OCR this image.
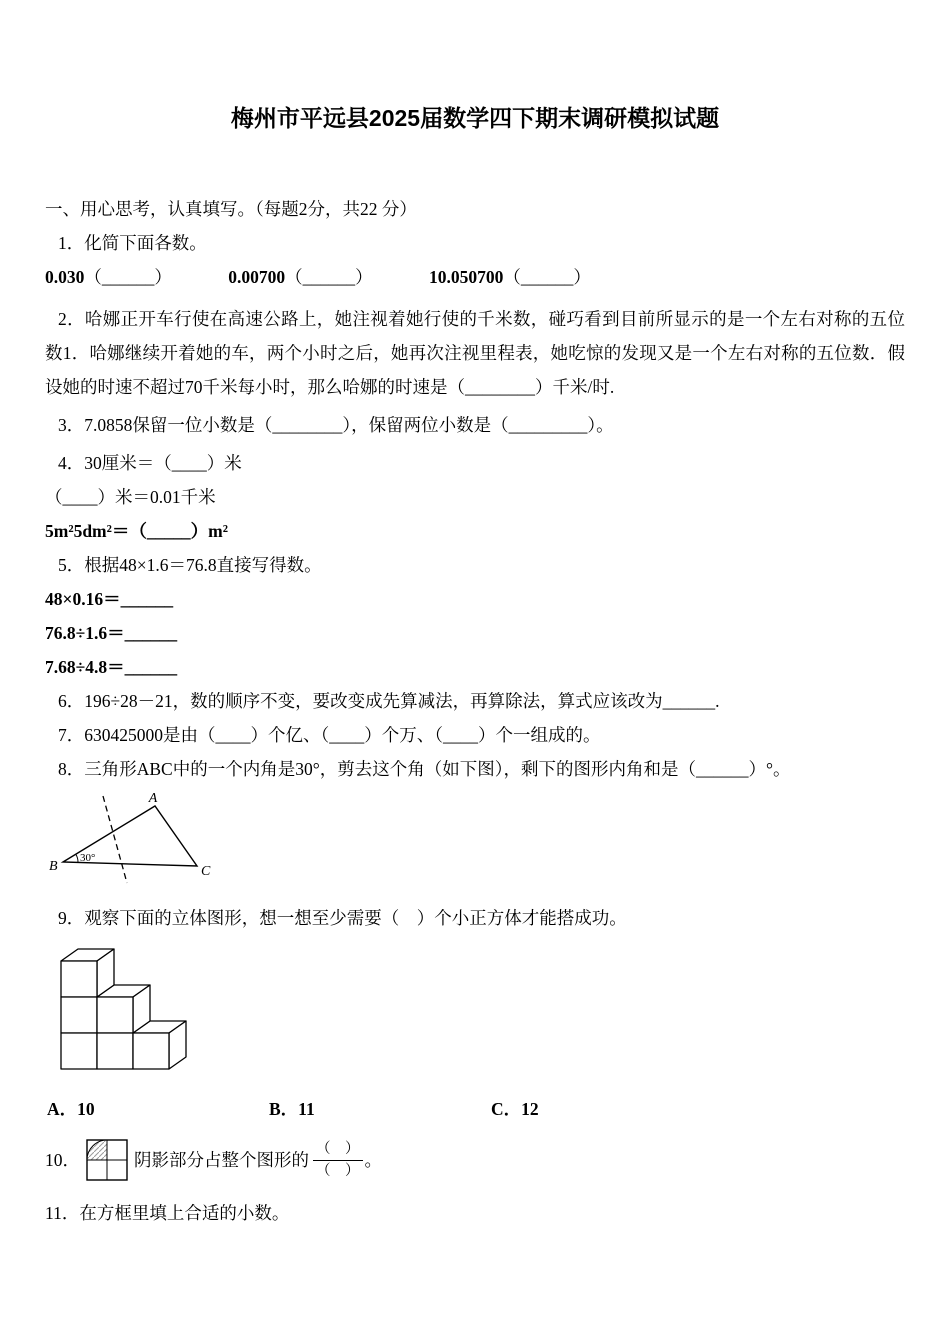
梅州市平远县2025届数学四下期末调研模拟试题

一、用心思考，认真填写。（每题2分，共22 分）

1．化简下面各数。

0.030（______）	0.00700（______）	10.050700（______）

2．哈娜正开车行使在高速公路上，她注视着她行使的千米数，碰巧看到目前所显示的是一个左右对称的五位数1．哈娜继续开着她的车，两个小时之后，她再次注视里程表，她吃惊的发现又是一个左右对称的五位数．假设她的时速不超过70千米每小时，那么哈娜的时速是（________）千米/时.

3．7.0858保留一位小数是（________），保留两位小数是（_________）。

4．30厘米＝（____）米

（____）米＝0.01千米

5m²5dm²＝（_____）m²

5．根据48×1.6＝76.8直接写得数。

48×0.16＝______

76.8÷1.6＝______

7.68÷4.8＝______

6．196÷28－21，数的顺序不变，要改变成先算减法，再算除法，算式应该改为______.

7．630425000是由（____）个亿、（____）个万、（____）个一组成的。

8．三角形ABC中的一个内角是30°，剪去这个角（如下图），剩下的图形内角和是（______）°。

A
B	C
30°

9．观察下面的立体图形，想一想至少需要（　）个小正方体才能搭成功。

A．10	B．11	C．12
10．	阴影部分占整个图形的 $\frac{( )}{( )}$ 。

11．在方框里填上合适的小数。
